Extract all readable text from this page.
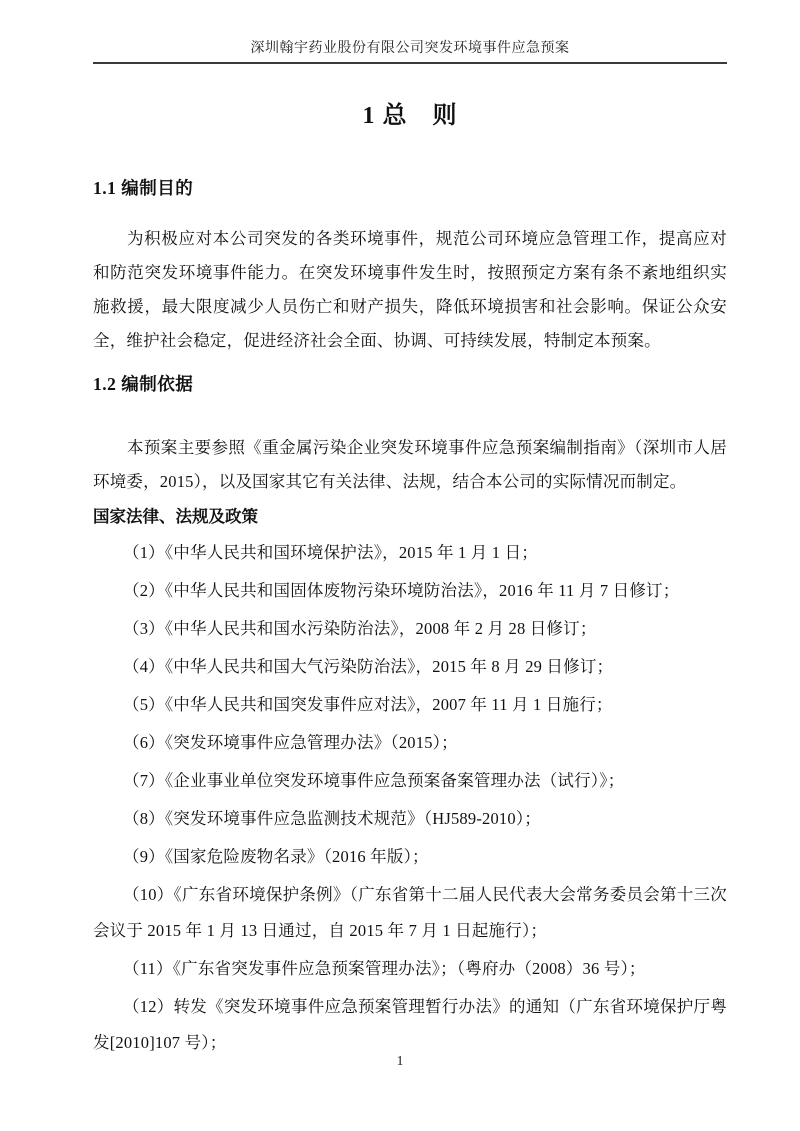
深圳翰宇药业股份有限公司突发环境事件应急预案
1 总　则
1.1 编制目的

为积极应对本公司突发的各类环境事件，规范公司环境应急管理工作，提高应对和防范突发环境事件能力。在突发环境事件发生时，按照预定方案有条不紊地组织实施救援，最大限度减少人员伤亡和财产损失，降低环境损害和社会影响。保证公众安全，维护社会稳定，促进经济社会全面、协调、可持续发展，特制定本预案。

1.2 编制依据

本预案主要参照《重金属污染企业突发环境事件应急预案编制指南》（深圳市人居环境委，2015），以及国家其它有关法律、法规，结合本公司的实际情况而制定。

国家法律、法规及政策

（1）《中华人民共和国环境保护法》，2015 年 1 月 1 日；

（2）《中华人民共和国固体废物污染环境防治法》，2016 年 11 月 7 日修订；

（3）《中华人民共和国水污染防治法》，2008 年 2 月 28 日修订；

（4）《中华人民共和国大气污染防治法》，2015 年 8 月 29 日修订；

（5）《中华人民共和国突发事件应对法》，2007 年 11 月 1 日施行；

（6）《突发环境事件应急管理办法》（2015）；

（7）《企业事业单位突发环境事件应急预案备案管理办法（试行）》；

（8）《突发环境事件应急监测技术规范》（HJ589-2010）；

（9）《国家危险废物名录》（2016 年版）；

（10）《广东省环境保护条例》（广东省第十二届人民代表大会常务委员会第十三次会议于 2015 年 1 月 13 日通过，自 2015 年 7 月 1 日起施行）；

（11）《广东省突发事件应急预案管理办法》；（粤府办（2008）36 号）；

（12）转发《突发环境事件应急预案管理暂行办法》的通知（广东省环境保护厅粤发[2010]107 号）；

1
